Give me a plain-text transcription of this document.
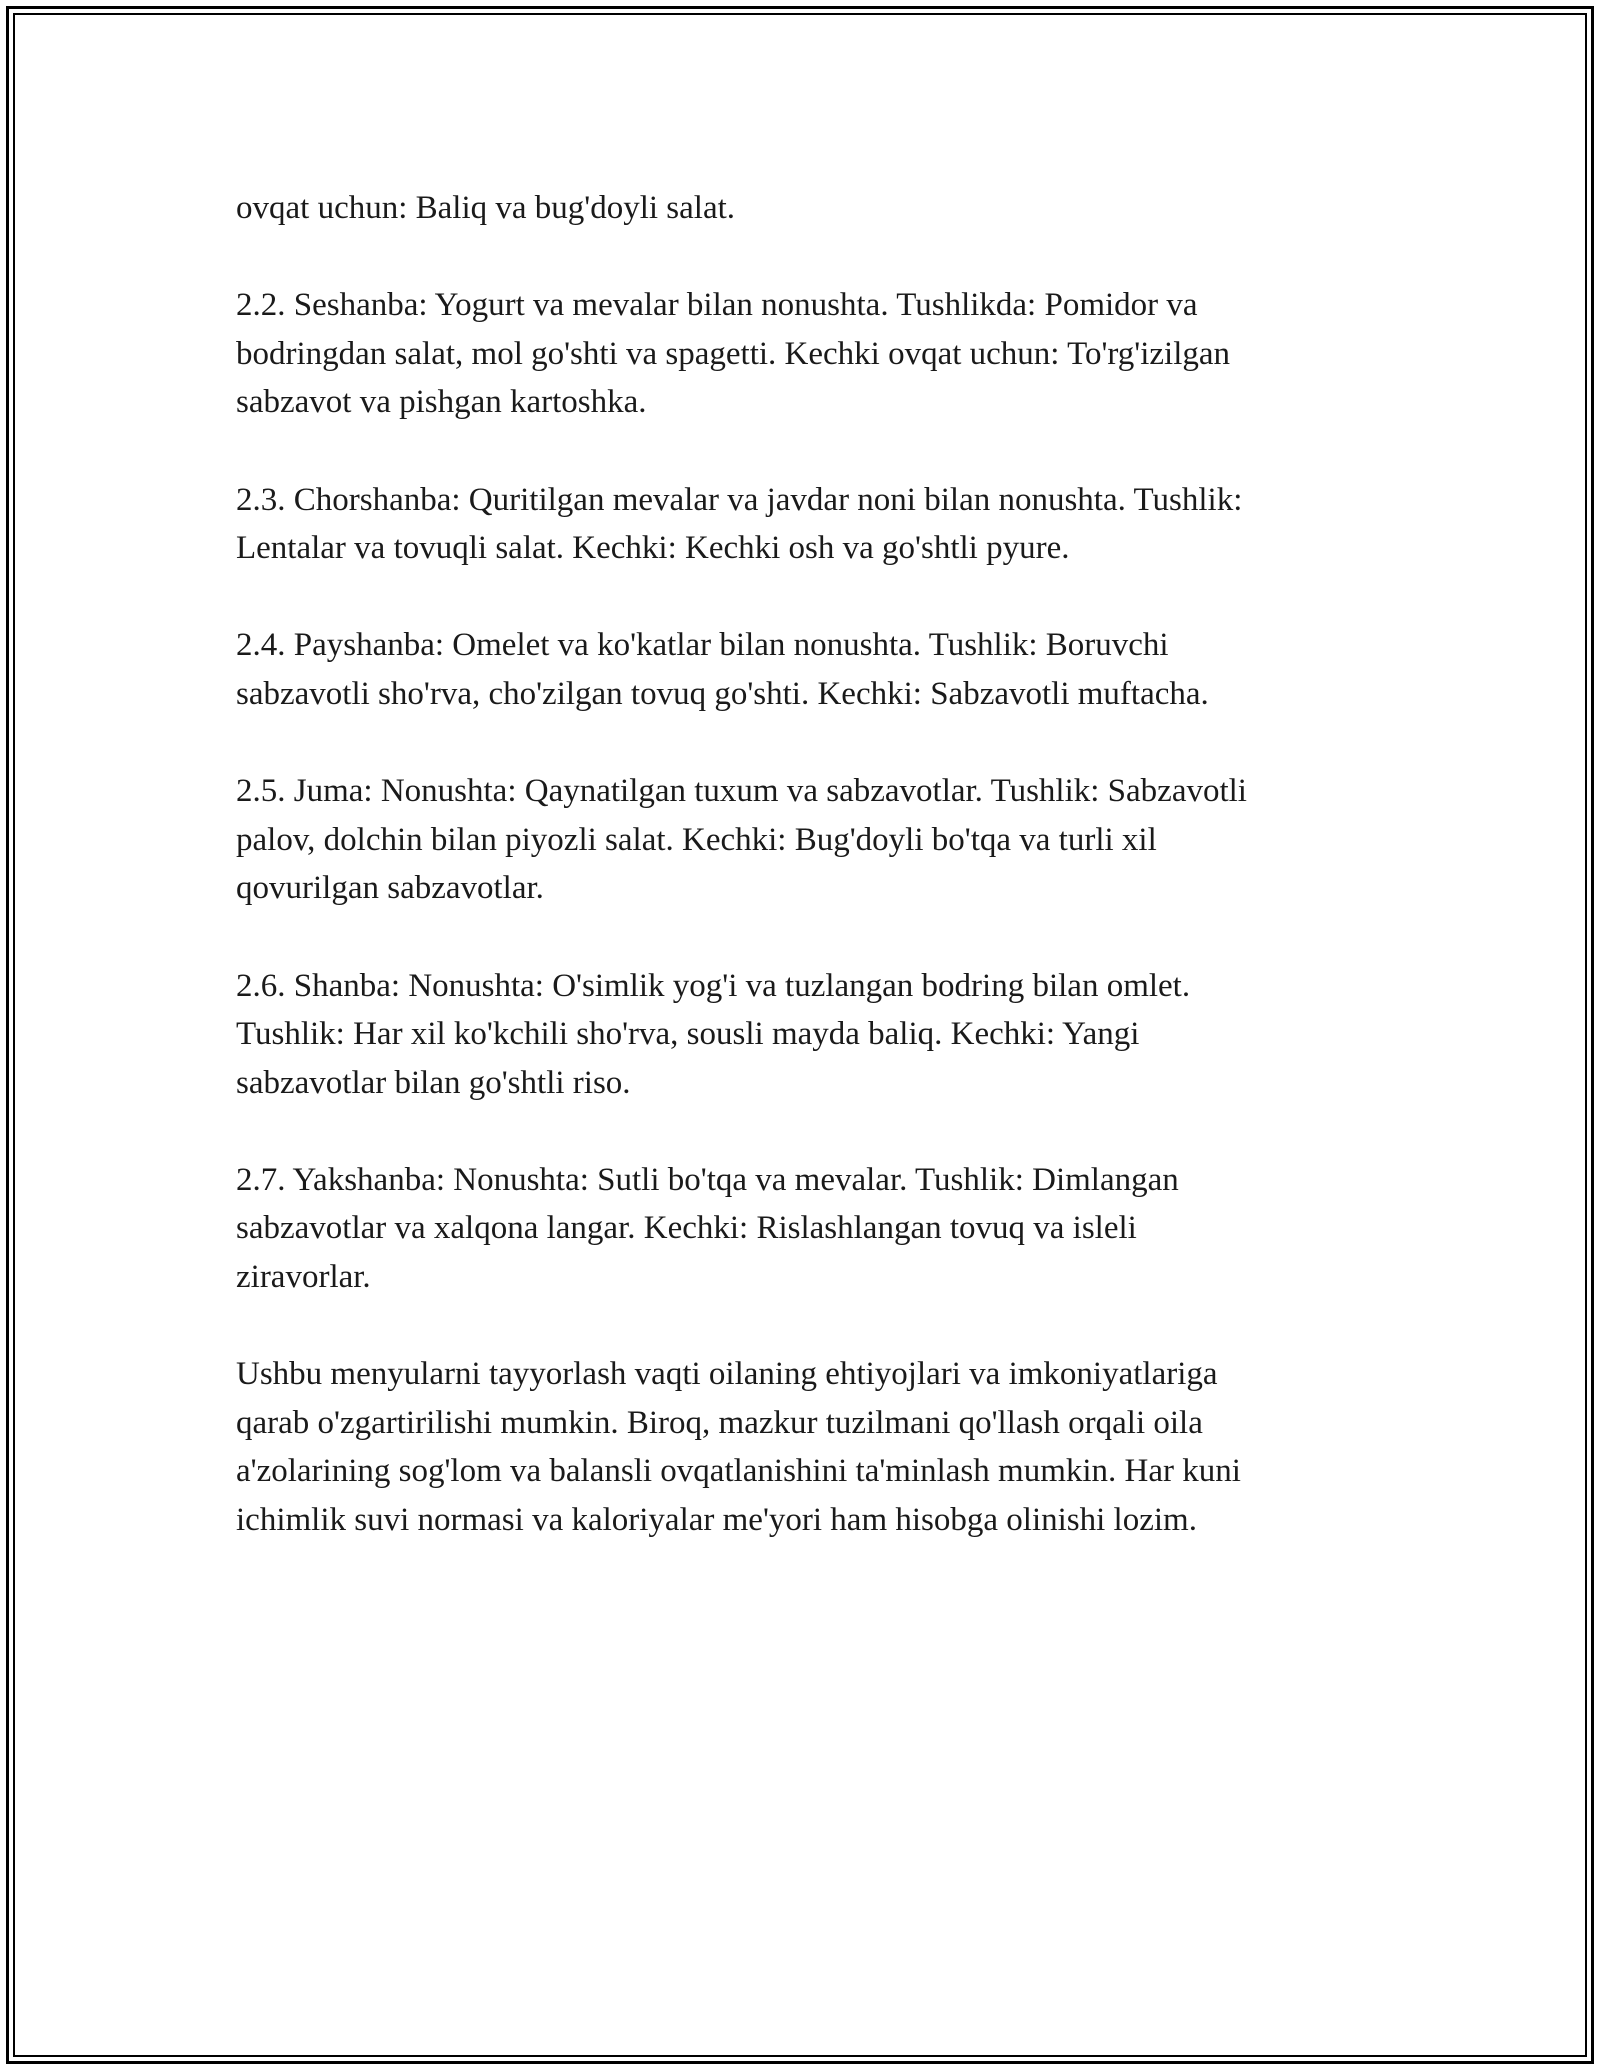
ovqat uchun: Baliq va bug'doyli salat.

2.2. Seshanba: Yogurt va mevalar bilan nonushta. Tushlikda: Pomidor va
bodringdan salat, mol go'shti va spagetti. Kechki ovqat uchun: To'rg'izilgan
sabzavot va pishgan kartoshka.

2.3. Chorshanba: Quritilgan mevalar va javdar noni bilan nonushta. Tushlik:
Lentalar va tovuqli salat. Kechki: Kechki osh va go'shtli pyure.

2.4. Payshanba: Omelet va ko'katlar bilan nonushta. Tushlik: Boruvchi
sabzavotli sho'rva, cho'zilgan tovuq go'shti. Kechki: Sabzavotli muftacha.

2.5. Juma: Nonushta: Qaynatilgan tuxum va sabzavotlar. Tushlik: Sabzavotli
palov, dolchin bilan piyozli salat. Kechki: Bug'doyli bo'tqa va turli xil
qovurilgan sabzavotlar.

2.6. Shanba: Nonushta: O'simlik yog'i va tuzlangan bodring bilan omlet.
Tushlik: Har xil ko'kchili sho'rva, sousli mayda baliq. Kechki: Yangi
sabzavotlar bilan go'shtli riso.

2.7. Yakshanba: Nonushta: Sutli bo'tqa va mevalar. Tushlik: Dimlangan
sabzavotlar va xalqona langar. Kechki: Rislashlangan tovuq va isleli
ziravorlar.

Ushbu menyularni tayyorlash vaqti oilaning ehtiyojlari va imkoniyatlariga
qarab o'zgartirilishi mumkin. Biroq, mazkur tuzilmani qo'llash orqali oila
a'zolarining sog'lom va balansli ovqatlanishini ta'minlash mumkin. Har kuni
ichimlik suvi normasi va kaloriyalar me'yori ham hisobga olinishi lozim.
